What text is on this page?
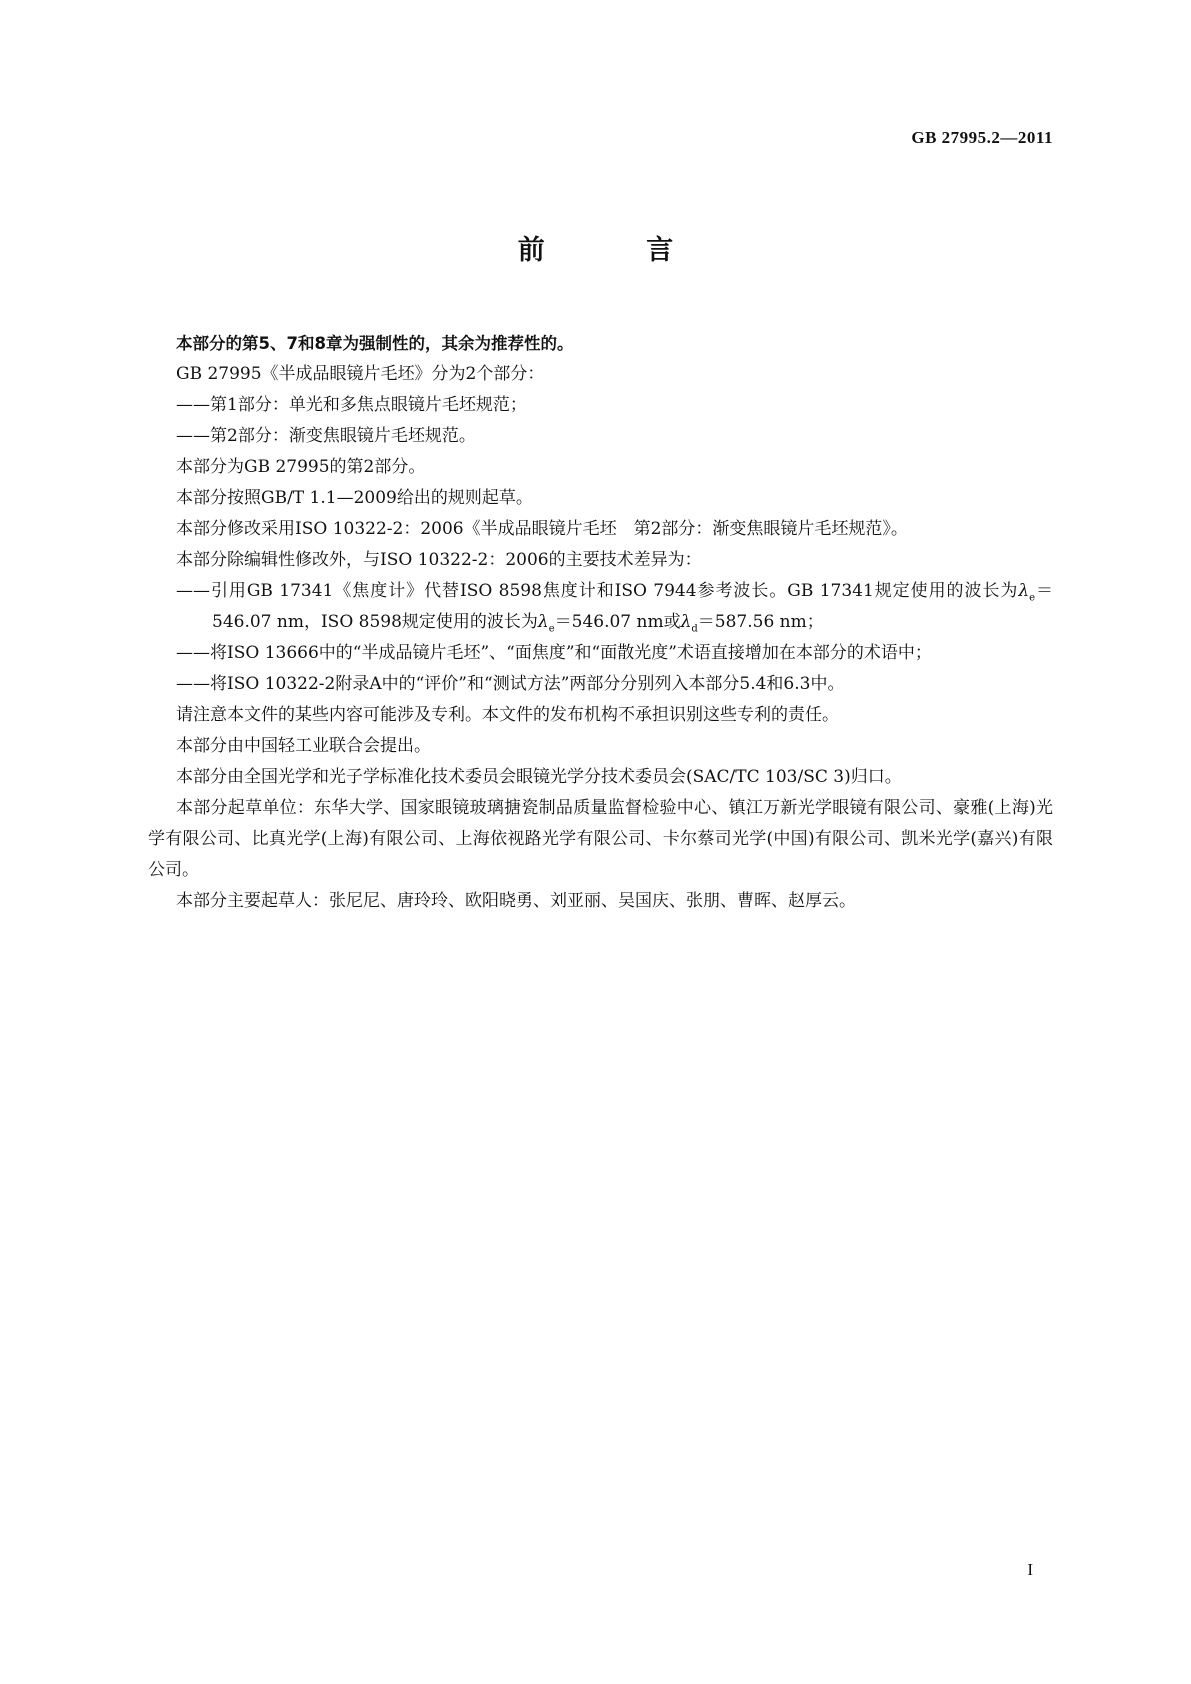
GB 27995.2—2011
前 言

本部分的第5、7和8章为强制性的，其余为推荐性的。

GB 27995《半成品眼镜片毛坯》分为2个部分：

——第1部分：单光和多焦点眼镜片毛坯规范；

——第2部分：渐变焦眼镜片毛坯规范。

本部分为GB 27995的第2部分。

本部分按照GB/T 1.1—2009给出的规则起草。

本部分修改采用ISO 10322-2：2006《半成品眼镜片毛坯　第2部分：渐变焦眼镜片毛坯规范》。

本部分除编辑性修改外，与ISO 10322-2：2006的主要技术差异为：

——引用GB 17341《焦度计》代替ISO 8598焦度计和ISO 7944参考波长。GB 17341规定使用的波长为$\lambda_e=546.07$ nm，ISO 8598规定使用的波长为$\lambda_e=546.07$ nm或$\lambda_d=587.56$ nm；

——将ISO 13666中的“半成品镜片毛坯”、“面焦度”和“面散光度”术语直接增加在本部分的术语中；

——将ISO 10322-2附录A中的“评价”和“测试方法”两部分分别列入本部分5.4和6.3中。

请注意本文件的某些内容可能涉及专利。本文件的发布机构不承担识别这些专利的责任。

本部分由中国轻工业联合会提出。

本部分由全国光学和光子学标准化技术委员会眼镜光学分技术委员会(SAC/TC 103/SC 3)归口。

本部分起草单位：东华大学、国家眼镜玻璃搪瓷制品质量监督检验中心、镇江万新光学眼镜有限公司、豪雅(上海)光学有限公司、比真光学(上海)有限公司、上海依视路光学有限公司、卡尔蔡司光学(中国)有限公司、凯米光学(嘉兴)有限公司。

本部分主要起草人：张尼尼、唐玲玲、欧阳晓勇、刘亚丽、吴国庆、张朋、曹晖、赵厚云。

I
